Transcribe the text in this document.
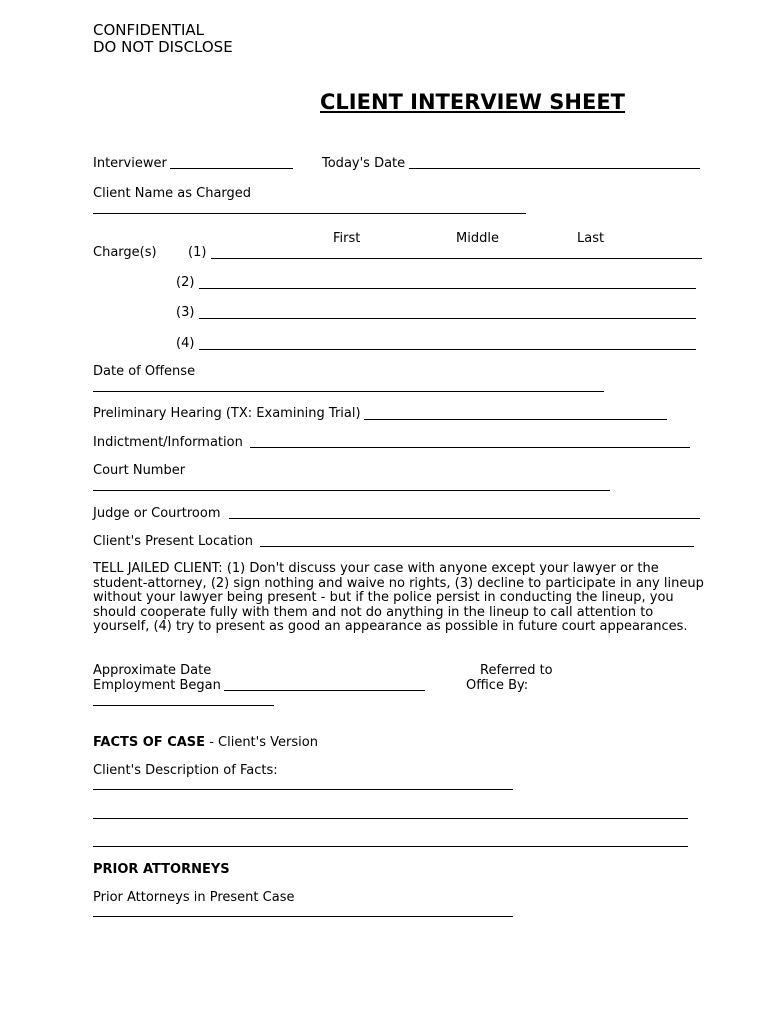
CONFIDENTIAL
DO NOT DISCLOSE
CLIENT INTERVIEW SHEET
Interviewer	Today's Date
Client Name as Charged
First	Middle	Last
Charge(s) (1)
(2)
(3)
(4)
Date of Offense
Preliminary Hearing (TX: Examining Trial)
Indictment/Information
Court Number
Judge or Courtroom
Client's Present Location
TELL JAILED CLIENT: (1) Don't discuss your case with anyone except your lawyer or the student-attorney, (2) sign nothing and waive no rights, (3) decline to participate in any lineup without your lawyer being present - but if the police persist in conducting the lineup, you should cooperate fully with them and not do anything in the lineup to call attention to yourself, (4) try to present as good an appearance as possible in future court appearances.
Approximate Date
Employment Began
Referred to
Office By:
FACTS OF CASE - Client's Version
Client's Description of Facts:
PRIOR ATTORNEYS
Prior Attorneys in Present Case
